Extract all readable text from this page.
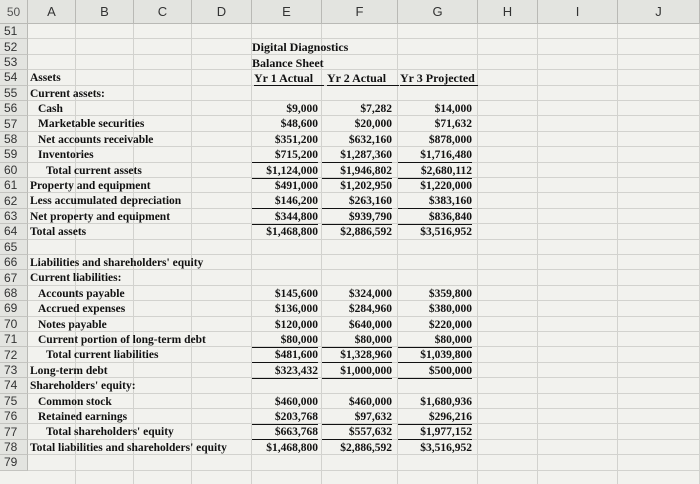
50	A	B	C	D	E	F	G	H	I	J
51
52
53
54
55
56
57
58
59
60
61
62
63
64
65
66
67
68
69
70
71
72
73
74
75
76
77
78
79
Digital Diagnostics
Balance Sheet
Yr 1 Actual	Yr 2 Actual	Yr 3 Projected
Assets
Current assets:
Cash	$9,000	$7,282	$14,000
Marketable securities	$48,600	$20,000	$71,632
Net accounts receivable	$351,200	$632,160	$878,000
Inventories	$715,200	$1,287,360	$1,716,480
Total current assets	$1,124,000	$1,946,802	$2,680,112
Property and equipment	$491,000	$1,202,950	$1,220,000
Less accumulated depreciation	$146,200	$263,160	$383,160
Net property and equipment	$344,800	$939,790	$836,840
Total assets	$1,468,800	$2,886,592	$3,516,952
Liabilities and shareholders' equity
Current liabilities:
Accounts payable	$145,600	$324,000	$359,800
Accrued expenses	$136,000	$284,960	$380,000
Notes payable	$120,000	$640,000	$220,000
Current portion of long-term debt	$80,000	$80,000	$80,000
Total current liabilities	$481,600	$1,328,960	$1,039,800
Long-term debt	$323,432	$1,000,000	$500,000
Shareholders' equity:
Common stock	$460,000	$460,000	$1,680,936
Retained earnings	$203,768	$97,632	$296,216
Total shareholders' equity	$663,768	$557,632	$1,977,152
Total liabilities and shareholders' equity	$1,468,800	$2,886,592	$3,516,952
